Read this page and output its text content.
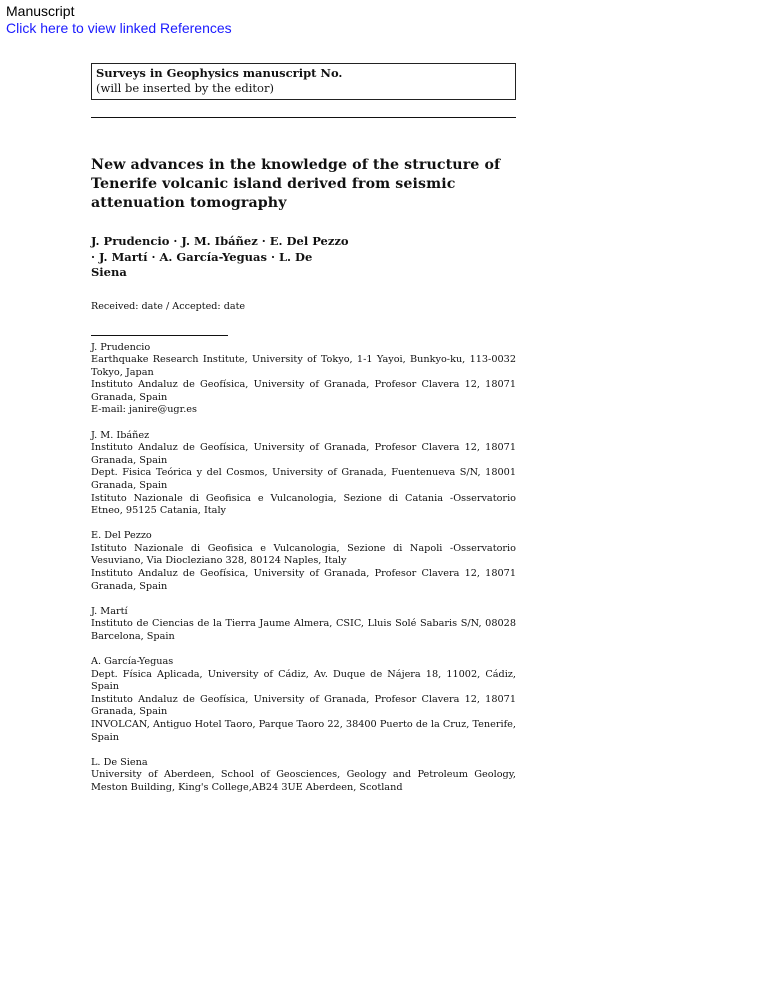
Manuscript
Click here to view linked References
Surveys in Geophysics manuscript No.
(will be inserted by the editor)
New advances in the knowledge of the structure of Tenerife volcanic island derived from seismic attenuation tomography
J. Prudencio · J. M. Ibáñez · E. Del Pezzo · J. Martí · A. García-Yeguas · L. De Siena
Received: date / Accepted: date
J. Prudencio
Earthquake Research Institute, University of Tokyo, 1-1 Yayoi, Bunkyo-ku, 113-0032 Tokyo, Japan
Instituto Andaluz de Geofísica, University of Granada, Profesor Clavera 12, 18071 Granada, Spain
E-mail: janire@ugr.es
J. M. Ibáñez
Instituto Andaluz de Geofísica, University of Granada, Profesor Clavera 12, 18071 Granada, Spain
Dept. Fisica Teórica y del Cosmos, University of Granada, Fuentenueva S/N, 18001 Granada, Spain
Istituto Nazionale di Geofisica e Vulcanologia, Sezione di Catania -Osservatorio Etneo, 95125 Catania, Italy
E. Del Pezzo
Istituto Nazionale di Geofisica e Vulcanologia, Sezione di Napoli -Osservatorio Vesuviano, Via Diocleziano 328, 80124 Naples, Italy
Instituto Andaluz de Geofísica, University of Granada, Profesor Clavera 12, 18071 Granada, Spain
J. Martí
Instituto de Ciencias de la Tierra Jaume Almera, CSIC, Lluis Solé Sabaris S/N, 08028 Barcelona, Spain
A. García-Yeguas
Dept. Física Aplicada, University of Cádiz, Av. Duque de Nájera 18, 11002, Cádiz, Spain
Instituto Andaluz de Geofísica, University of Granada, Profesor Clavera 12, 18071 Granada, Spain
INVOLCAN, Antiguo Hotel Taoro, Parque Taoro 22, 38400 Puerto de la Cruz, Tenerife, Spain
L. De Siena
University of Aberdeen, School of Geosciences, Geology and Petroleum Geology, Meston Building, King's College,AB24 3UE Aberdeen, Scotland
